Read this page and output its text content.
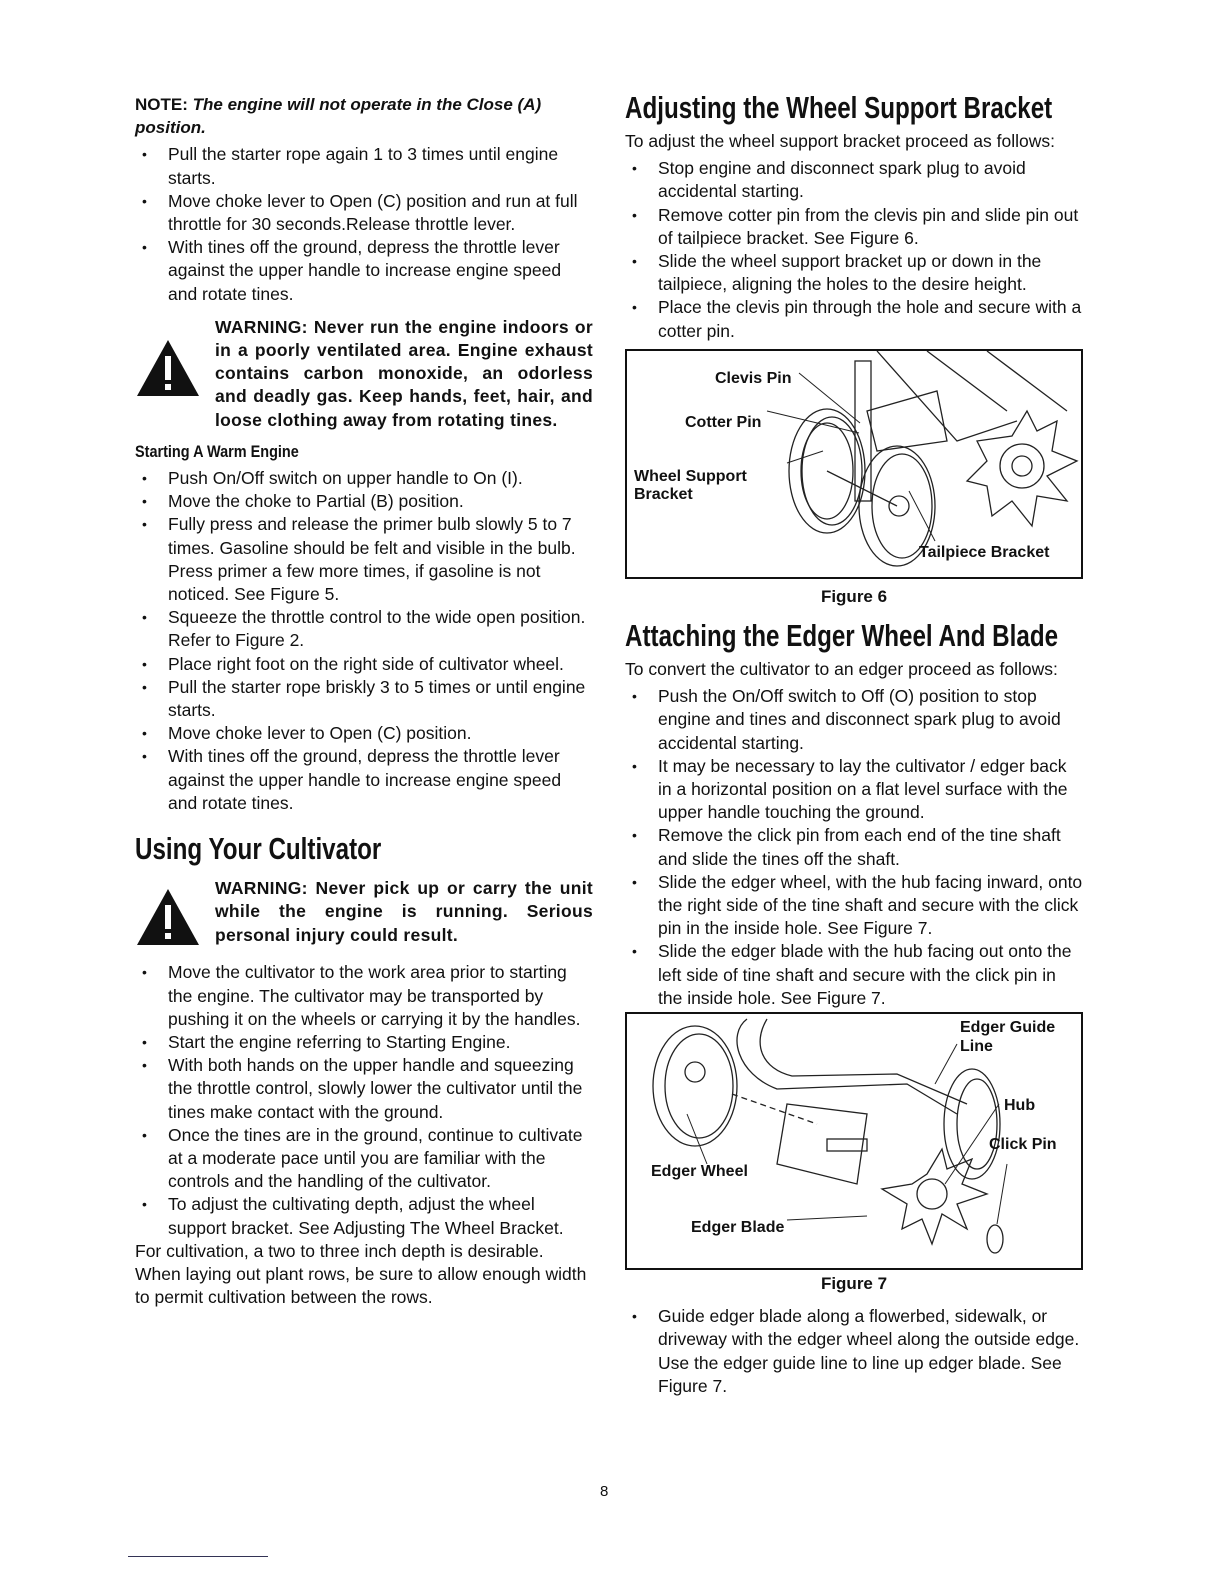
NOTE: The engine will not operate in the Close (A) position.

• Pull the starter rope again 1 to 3 times until engine starts.
• Move choke lever to Open (C) position and run at full throttle for 30 seconds.Release throttle lever.
• With tines off the ground, depress the throttle lever against the upper handle to increase engine speed and rotate tines.
WARNING: Never run the engine indoors or in a poorly ventilated area. Engine exhaust contains carbon monoxide, an odorless and deadly gas. Keep hands, feet, hair, and loose clothing away from rotating tines.
Starting A Warm Engine
• Push On/Off switch on upper handle to On (I).
• Move the choke to Partial (B) position.
• Fully press and release the primer bulb slowly 5 to 7 times. Gasoline should be felt and visible in the bulb. Press primer a few more times, if gasoline is not noticed. See Figure 5.
• Squeeze the throttle control to the wide open position. Refer to Figure 2.
• Place right foot on the right side of cultivator wheel.
• Pull the starter rope briskly 3 to 5 times or until engine starts.
• Move choke lever to Open (C) position.
• With tines off the ground, depress the throttle lever against the upper handle to increase engine speed and rotate tines.
Using Your Cultivator
WARNING: Never pick up or carry the unit while the engine is running. Serious personal injury could result.
• Move the cultivator to the work area prior to starting the engine. The cultivator may be transported by pushing it on the wheels or carrying it by the handles.
• Start the engine referring to Starting Engine.
• With both hands on the upper handle and squeezing the throttle control, slowly lower the cultivator until the tines make contact with the ground.
• Once the tines are in the ground, continue to cultivate at a moderate pace until you are familiar with the controls and the handling of the cultivator.
• To adjust the cultivating depth, adjust the wheel support bracket. See Adjusting The Wheel Bracket.

For cultivation, a two to three inch depth is desirable. When laying out plant rows, be sure to allow enough width to permit cultivation between the rows.

Adjusting the Wheel Support Bracket

To adjust the wheel support bracket proceed as follows:

• Stop engine and disconnect spark plug to avoid accidental starting.
• Remove cotter pin from the clevis pin and slide pin out of tailpiece bracket. See Figure 6.
• Slide the wheel support bracket up or down in the tailpiece, aligning the holes to the desire height.
• Place the clevis pin through the hole and secure with a cotter pin.
Clevis Pin
Cotter Pin
Wheel Support
Bracket
Tailpiece Bracket
Figure 6
Attaching the Edger Wheel And Blade

To convert the cultivator to an edger proceed as follows:

• Push the On/Off switch to Off (O) position to stop engine and tines and disconnect spark plug to avoid accidental starting.
• It may be necessary to lay the cultivator / edger back in a horizontal position on a flat level surface with the upper handle touching the ground.
• Remove the click pin from each end of the tine shaft and slide the tines off the shaft.
• Slide the edger wheel, with the hub facing inward, onto the right side of the tine shaft and secure with the click pin in the inside hole. See Figure 7.
• Slide the edger blade with the hub facing out onto the left side of tine shaft and secure with the click pin in the inside hole. See Figure 7.
Edger Guide
Line
Hub
Click Pin
Edger Wheel
Edger Blade
Figure 7
• Guide edger blade along a flowerbed, sidewalk, or driveway with the edger wheel along the outside edge. Use the edger guide line to line up edger blade. See Figure 7.
8
